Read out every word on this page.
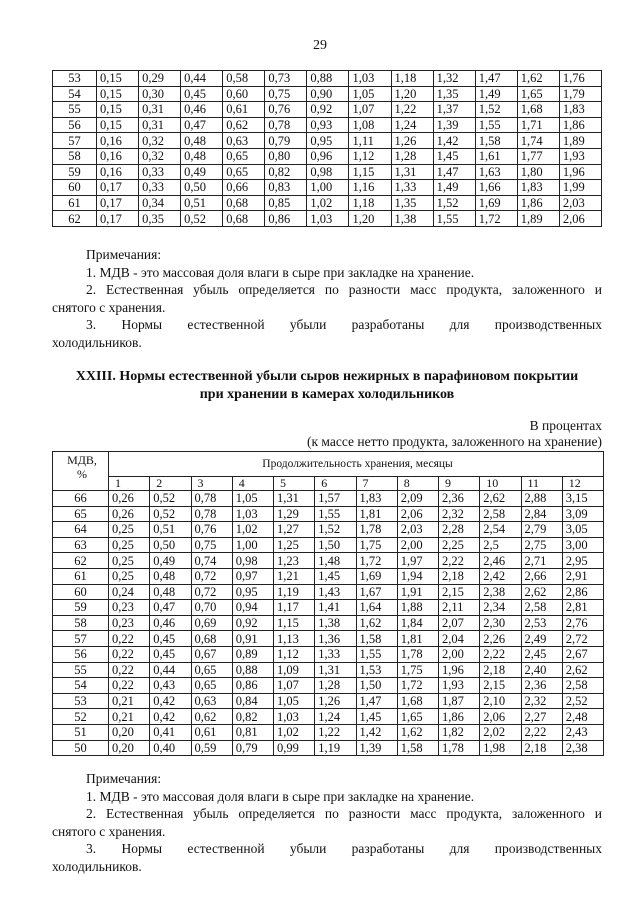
29
53	0,15	0,29	0,44	0,58	0,73	0,88	1,03	1,18	1,32	1,47	1,62	1,76
54	0,15	0,30	0,45	0,60	0,75	0,90	1,05	1,20	1,35	1,49	1,65	1,79
55	0,15	0,31	0,46	0,61	0,76	0,92	1,07	1,22	1,37	1,52	1,68	1,83
56	0,15	0,31	0,47	0,62	0,78	0,93	1,08	1,24	1,39	1,55	1,71	1,86
57	0,16	0,32	0,48	0,63	0,79	0,95	1,11	1,26	1,42	1,58	1,74	1,89
58	0,16	0,32	0,48	0,65	0,80	0,96	1,12	1,28	1,45	1,61	1,77	1,93
59	0,16	0,33	0,49	0,65	0,82	0,98	1,15	1,31	1,47	1,63	1,80	1,96
60	0,17	0,33	0,50	0,66	0,83	1,00	1,16	1,33	1,49	1,66	1,83	1,99
61	0,17	0,34	0,51	0,68	0,85	1,02	1,18	1,35	1,52	1,69	1,86	2,03
62	0,17	0,35	0,52	0,68	0,86	1,03	1,20	1,38	1,55	1,72	1,89	2,06

Примечания:

1. МДВ - это массовая доля влаги в сыре при закладке на хранение.

2. Естественная убыль определяется по разности масс продукта, заложенного и

снятого с хранения.

3. Нормы естественной убыли разработаны для производственных

холодильников.

XXIII. Нормы естественной убыли сыров нежирных в парафиновом покрытии
при хранении в камерах холодильников
В процентах
(к массе нетто продукта, заложенного на хранение)
МДВ,
%	Продолжительность хранения, месяцы											
	1	2	3	4	5	6	7	8	9	10	11	12
66	0,26	0,52	0,78	1,05	1,31	1,57	1,83	2,09	2,36	2,62	2,88	3,15
65	0,26	0,52	0,78	1,03	1,29	1,55	1,81	2,06	2,32	2,58	2,84	3,09
64	0,25	0,51	0,76	1,02	1,27	1,52	1,78	2,03	2,28	2,54	2,79	3,05
63	0,25	0,50	0,75	1,00	1,25	1,50	1,75	2,00	2,25	2,5	2,75	3,00
62	0,25	0,49	0,74	0,98	1,23	1,48	1,72	1,97	2,22	2,46	2,71	2,95
61	0,25	0,48	0,72	0,97	1,21	1,45	1,69	1,94	2,18	2,42	2,66	2,91
60	0,24	0,48	0,72	0,95	1,19	1,43	1,67	1,91	2,15	2,38	2,62	2,86
59	0,23	0,47	0,70	0,94	1,17	1,41	1,64	1,88	2,11	2,34	2,58	2,81
58	0,23	0,46	0,69	0,92	1,15	1,38	1,62	1,84	2,07	2,30	2,53	2,76
57	0,22	0,45	0,68	0,91	1,13	1,36	1,58	1,81	2,04	2,26	2,49	2,72
56	0,22	0,45	0,67	0,89	1,12	1,33	1,55	1,78	2,00	2,22	2,45	2,67
55	0,22	0,44	0,65	0,88	1,09	1,31	1,53	1,75	1,96	2,18	2,40	2,62
54	0,22	0,43	0,65	0,86	1,07	1,28	1,50	1,72	1,93	2,15	2,36	2,58
53	0,21	0,42	0,63	0,84	1,05	1,26	1,47	1,68	1,87	2,10	2,32	2,52
52	0,21	0,42	0,62	0,82	1,03	1,24	1,45	1,65	1,86	2,06	2,27	2,48
51	0,20	0,41	0,61	0,81	1,02	1,22	1,42	1,62	1,82	2,02	2,22	2,43
50	0,20	0,40	0,59	0,79	0,99	1,19	1,39	1,58	1,78	1,98	2,18	2,38

Примечания:

1. МДВ - это массовая доля влаги в сыре при закладке на хранение.

2. Естественная убыль определяется по разности масс продукта, заложенного и

снятого с хранения.

3. Нормы естественной убыли разработаны для производственных

холодильников.
